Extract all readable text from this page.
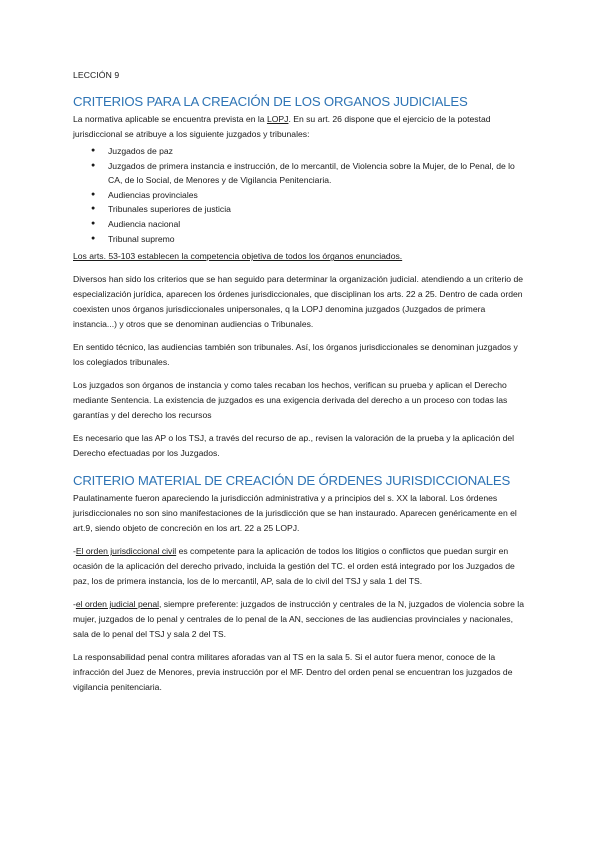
LECCIÓN 9
CRITERIOS PARA LA CREACIÓN DE LOS ORGANOS JUDICIALES

La normativa aplicable se encuentra prevista en la LOPJ. En su art. 26 dispone que el ejercicio de la potestad jurisdiccional se atribuye a los siguiente juzgados y tribunales:

● Juzgados de paz
● Juzgados de primera instancia e instrucción, de lo mercantil, de Violencia sobre la Mujer, de lo Penal, de lo CA, de lo Social, de Menores y de Vigilancia Penitenciaria.
● Audiencias provinciales
● Tribunales superiores de justicia
● Audiencia nacional
● Tribunal supremo

Los arts. 53-103 establecen la competencia objetiva de todos los órganos enunciados.

Diversos han sido los criterios que se han seguido para determinar la organización judicial. atendiendo a un criterio de especialización jurídica, aparecen los órdenes jurisdiccionales, que disciplinan los arts. 22 a 25. Dentro de cada orden coexisten unos órganos jurisdiccionales unipersonales, q la LOPJ denomina juzgados (Juzgados de primera instancia...) y otros que se denominan audiencias o Tribunales.

En sentido técnico, las audiencias también son tribunales. Así, los órganos jurisdiccionales se denominan juzgados y los colegiados tribunales.

Los juzgados son órganos de instancia y como tales recaban los hechos, verifican su prueba y aplican el Derecho mediante Sentencia. La existencia de juzgados es una exigencia derivada del derecho a un proceso con todas las garantías y del derecho los recursos

Es necesario que las AP o los TSJ, a través del recurso de ap., revisen la valoración de la prueba y la aplicación del Derecho efectuadas por los Juzgados.

CRITERIO MATERIAL DE CREACIÓN DE ÓRDENES JURISDICCIONALES

Paulatinamente fueron apareciendo la jurisdicción administrativa y a principios del s. XX la laboral. Los órdenes jurisdiccionales no son sino manifestaciones de la jurisdicción que se han instaurado. Aparecen genéricamente en el art.9, siendo objeto de concreción en los art. 22 a 25 LOPJ.

-El orden jurisdiccional civil es competente para la aplicación de todos los litigios o conflictos que puedan surgir en ocasión de la aplicación del derecho privado, incluida la gestión del TC. el orden está integrado por los Juzgados de paz, los de primera instancia, los de lo mercantil, AP, sala de lo civil del TSJ y sala 1 del TS.

-el orden judicial penal, siempre preferente: juzgados de instrucción y centrales de la N, juzgados de violencia sobre la mujer, juzgados de lo penal y centrales de lo penal de la AN, secciones de las audiencias provinciales y nacionales, sala de lo penal del TSJ y sala 2 del TS.

La responsabilidad penal contra militares aforadas van al TS en la sala 5. Si el autor fuera menor, conoce de la infracción del Juez de Menores, previa instrucción por el MF. Dentro del orden penal se encuentran los juzgados de vigilancia penitenciaria.
